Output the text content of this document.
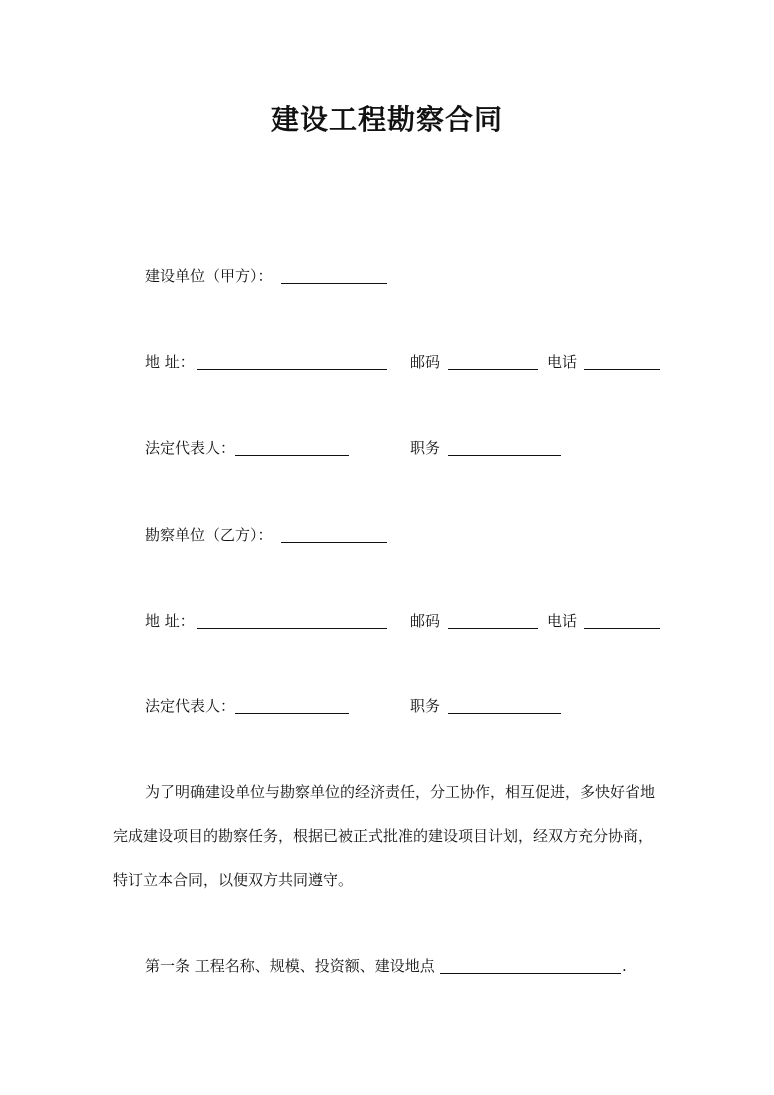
建设工程勘察合同
建设单位（甲方）：
地 址：	邮码	电话
法定代表人：	职务
勘察单位（乙方）：
地 址：	邮码	电话
法定代表人：	职务
为了明确建设单位与勘察单位的经济责任，分工协作，相互促进，多快好省地
完成建设项目的勘察任务，根据已被正式批准的建设项目计划，经双方充分协商，
特订立本合同，以便双方共同遵守。
第一条 工程名称、规模、投资额、建设地点	.
